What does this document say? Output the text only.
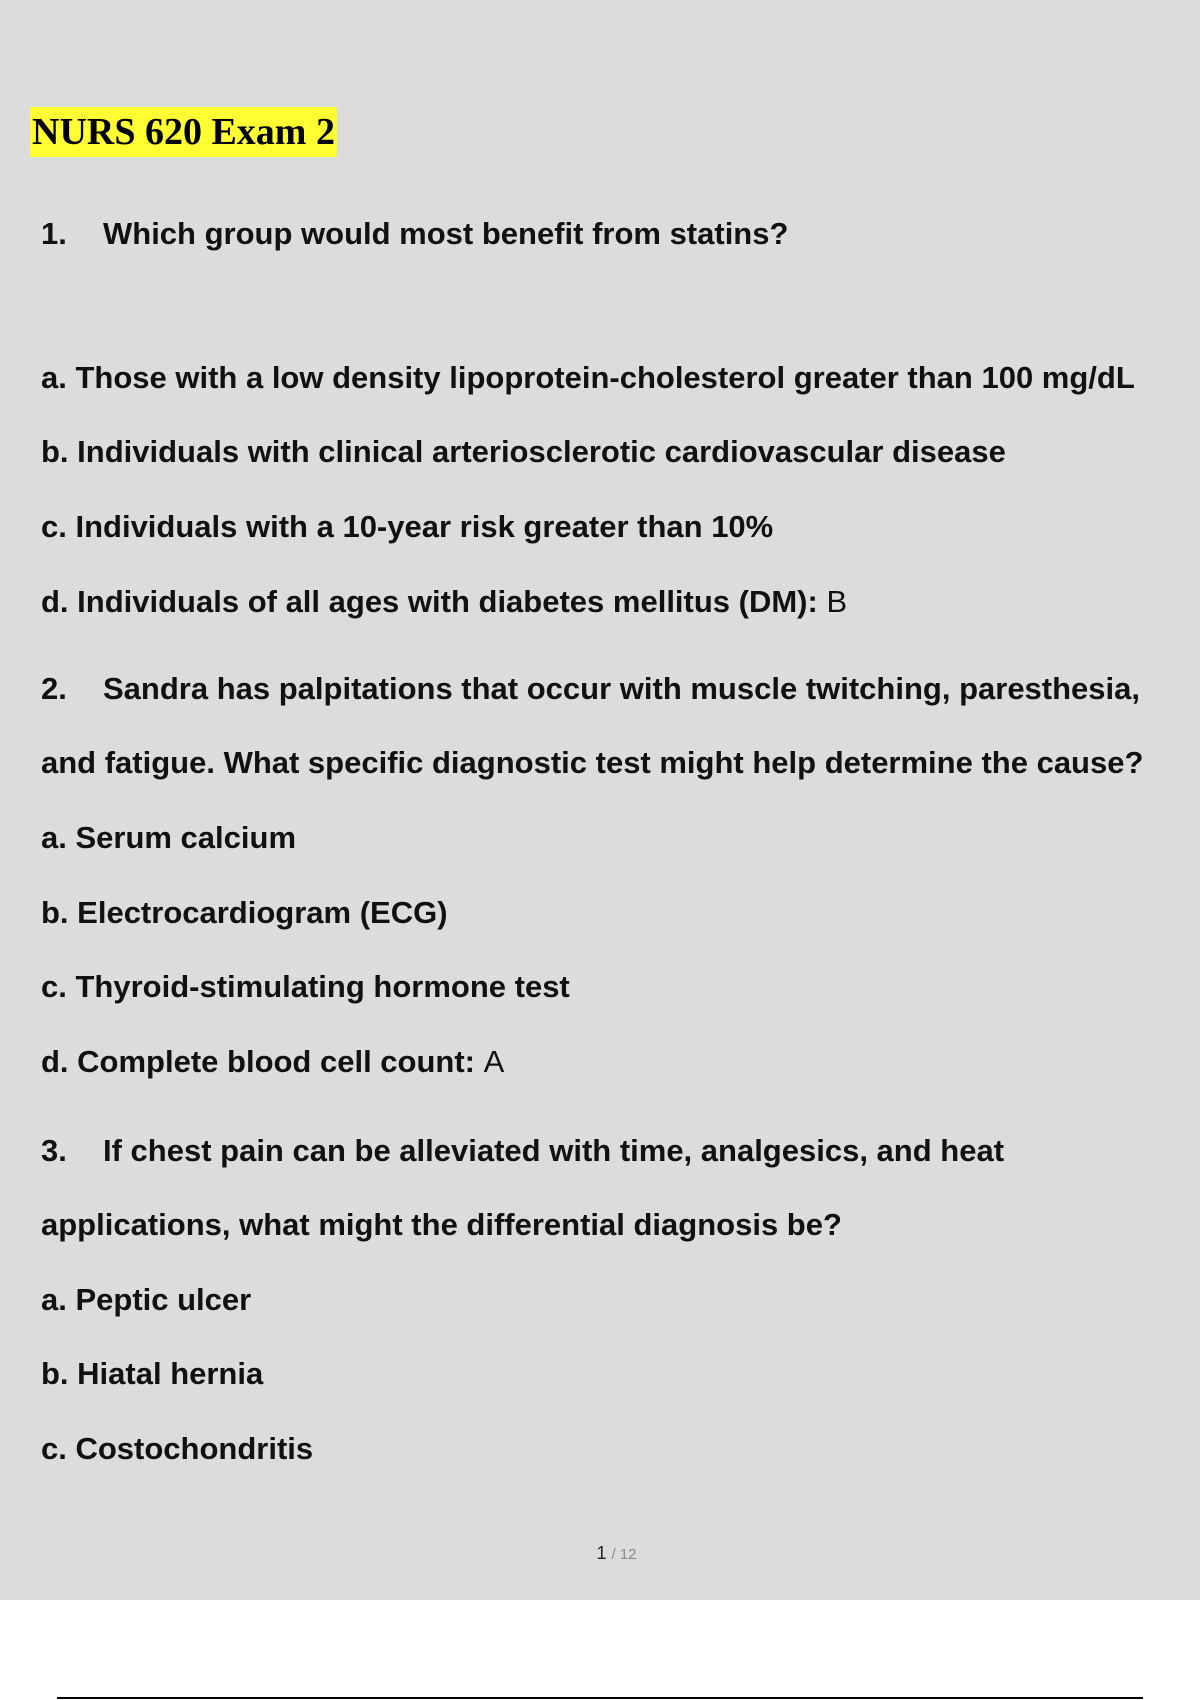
NURS 620 Exam 2
1. Which group would most benefit from statins?
a. Those with a low density lipoprotein-cholesterol greater than 100 mg/dL
b. Individuals with clinical arteriosclerotic cardiovascular disease
c. Individuals with a 10-year risk greater than 10%
d. Individuals of all ages with diabetes mellitus (DM): B
2. Sandra has palpitations that occur with muscle twitching, paresthesia,
and fatigue. What specific diagnostic test might help determine the cause?
a. Serum calcium
b. Electrocardiogram (ECG)
c. Thyroid-stimulating hormone test
d. Complete blood cell count: A
3. If chest pain can be alleviated with time, analgesics, and heat
applications, what might the differential diagnosis be?
a. Peptic ulcer
b. Hiatal hernia
c. Costochondritis
1 / 12
